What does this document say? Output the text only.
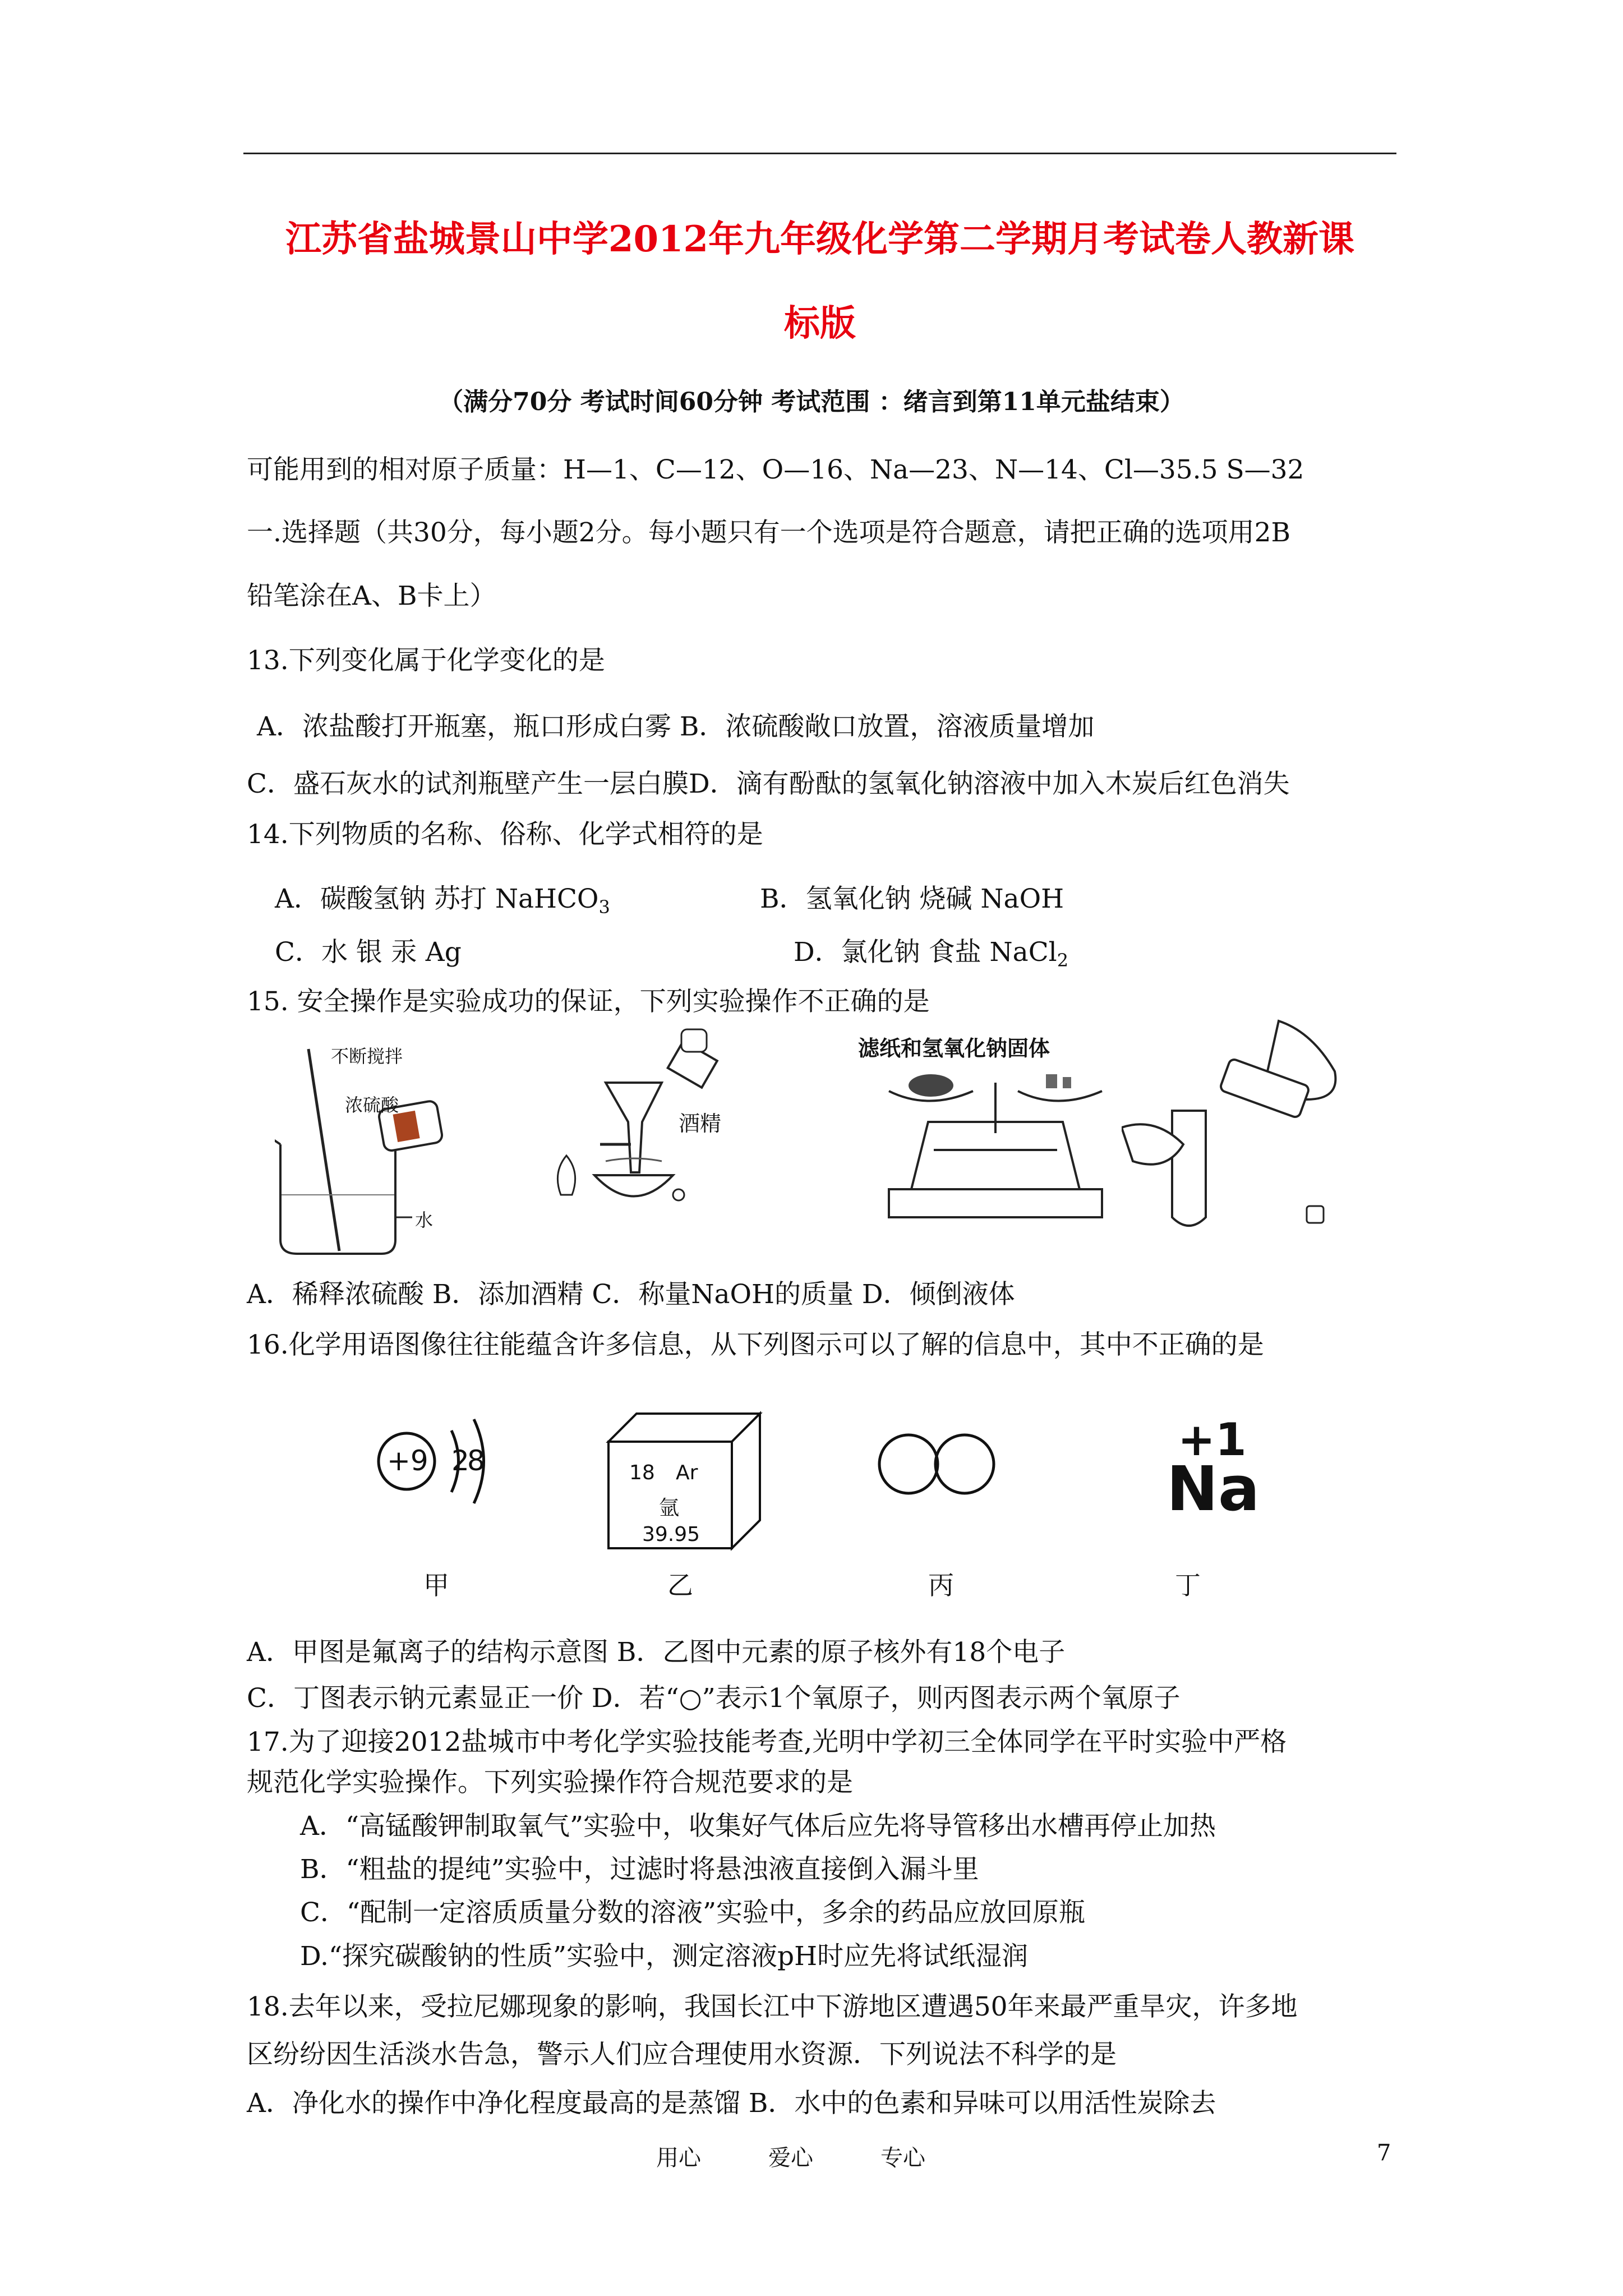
江苏省盐城景山中学2012年九年级化学第二学期月考试卷人教新课
标版
（满分70分 考试时间60分钟 考试范围 ：绪言到第11单元盐结束）
可能用到的相对原子质量：H—1、C—12、O—16、Na—23、N—14、Cl—35.5 S—32
一.选择题（共30分，每小题2分。每小题只有一个选项是符合题意，请把正确的选项用2B
铅笔涂在A、B卡上）
13.下列变化属于化学变化的是
A．浓盐酸打开瓶塞，瓶口形成白雾 B．浓硫酸敞口放置，溶液质量增加
C．盛石灰水的试剂瓶壁产生一层白膜D．滴有酚酞的氢氧化钠溶液中加入木炭后红色消失
14.下列物质的名称、俗称、化学式相符的是
A．碳酸氢钠 苏打 NaHCO$_3$	B．氢氧化钠 烧碱 NaOH
C．水 银 汞 Ag	D．氯化钠 食盐 NaCl$_2$
15. 安全操作是实验成功的保证，下列实验操作不正确的是
不断搅拌
浓硫酸
水
酒精
滤纸和氢氧化钠固体
A．稀释浓硫酸 B．添加酒精 C．称量NaOH的质量 D．倾倒液体
16.化学用语图像往往能蕴含许多信息，从下列图示可以了解的信息中，其中不正确的是
+9 2
8	18 Ar
氩
39.95
+1
Na
甲	乙	丙	丁
A．甲图是氟离子的结构示意图 B．乙图中元素的原子核外有18个电子
C．丁图表示钠元素显正一价 D．若“○”表示1个氧原子，则丙图表示两个氧原子
17.为了迎接2012盐城市中考化学实验技能考查,光明中学初三全体同学在平时实验中严格
规范化学实验操作。下列实验操作符合规范要求的是
A．“高锰酸钾制取氧气”实验中，收集好气体后应先将导管移出水槽再停止加热
B．“粗盐的提纯”实验中，过滤时将悬浊液直接倒入漏斗里
C．“配制一定溶质质量分数的溶液”实验中，多余的药品应放回原瓶
D.“探究碳酸钠的性质”实验中，测定溶液pH时应先将试纸湿润
18.去年以来，受拉尼娜现象的影响，我国长江中下游地区遭遇50年来最严重旱灾，许多地
区纷纷因生活淡水告急，警示人们应合理使用水资源．下列说法不科学的是
A．净化水的操作中净化程度最高的是蒸馏 B．水中的色素和异味可以用活性炭除去
用心	爱心	专心	7
